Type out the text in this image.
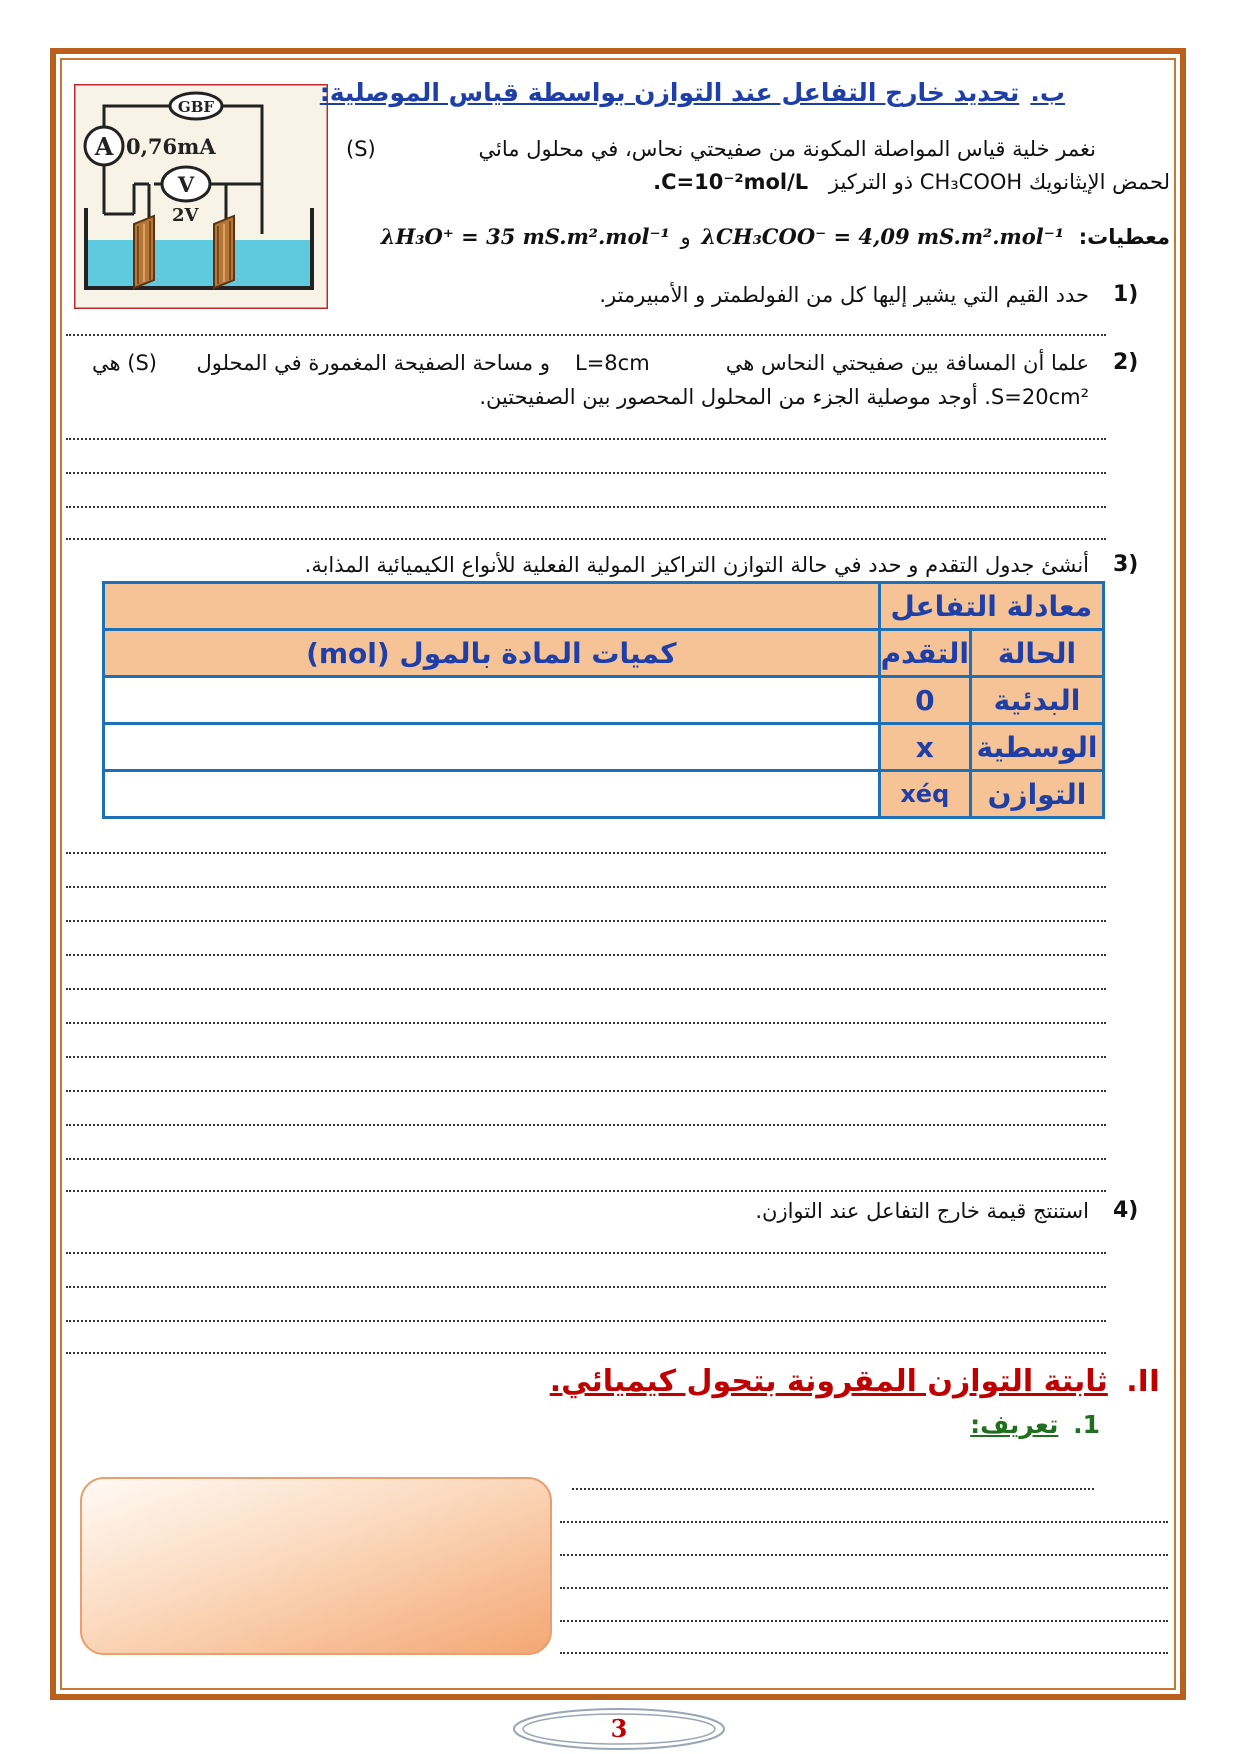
GBF
A 0,76mA
V
2V
ب. تحديد خارج التفاعل عند التوازن بواسطة قياس الموصلية:
نغمر خلية قياس المواصلة المكونة من صفيحتي نحاس، في محلول مائي
(S)
لحمض الإيثانويك CH₃COOH ذو التركيز C=10⁻²mol/L.
معطيات: λCH₃COO⁻ = 4,09 mS.m².mol⁻¹ و λH₃O⁺ = 35 mS.m².mol⁻¹
1)
حدد القيم التي يشير إليها كل من الفولطمتر و الأمبيرمتر.
2)
علما أن المسافة بين صفيحتي النحاس هي
L=8cm
و مساحة الصفيحة المغمورة في المحلول
(S) هي
S=20cm². أوجد موصلية الجزء من المحلول المحصور بين الصفيحتين.
3)
أنشئ جدول التقدم و حدد في حالة التوازن التراكيز المولية الفعلية للأنواع الكيميائية المذابة.
معادلة التفاعل		
الحالة	التقدم	كميات المادة بالمول (mol)
البدئية	0	
الوسطية	x	
التوازن	xéq	
4)
استنتج قيمة خارج التفاعل عند التوازن.
II. ثابتة التوازن المقرونة بتحول كيميائي.
1. تعريف:
3
